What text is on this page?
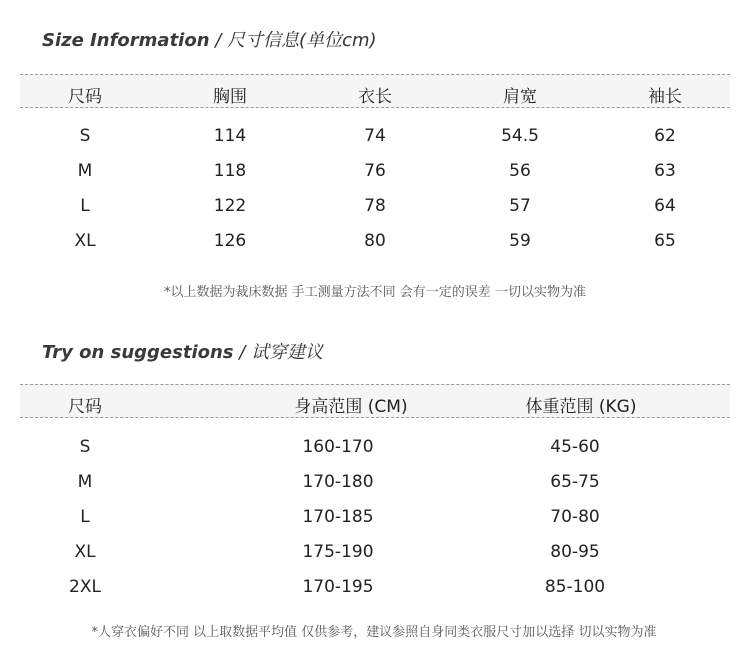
Size Information / 尺寸信息(单位cm)
尺码	胸围	衣长	肩宽	袖长
S	114	74	54.5	62
M	118	76	56	63
L	122	78	57	64
XL	126	80	59	65
*以上数据为裁床数据 手工测量方法不同 会有一定的误差 一切以实物为准
Try on suggestions / 试穿建议
尺码	身高范围 (CM)	体重范围 (KG)
S	160-170	45-60
M	170-180	65-75
L	170-185	70-80
XL	175-190	80-95
2XL	170-195	85-100
*人穿衣偏好不同 以上取数据平均值 仅供参考，建议参照自身同类衣服尺寸加以选择 切以实物为准
